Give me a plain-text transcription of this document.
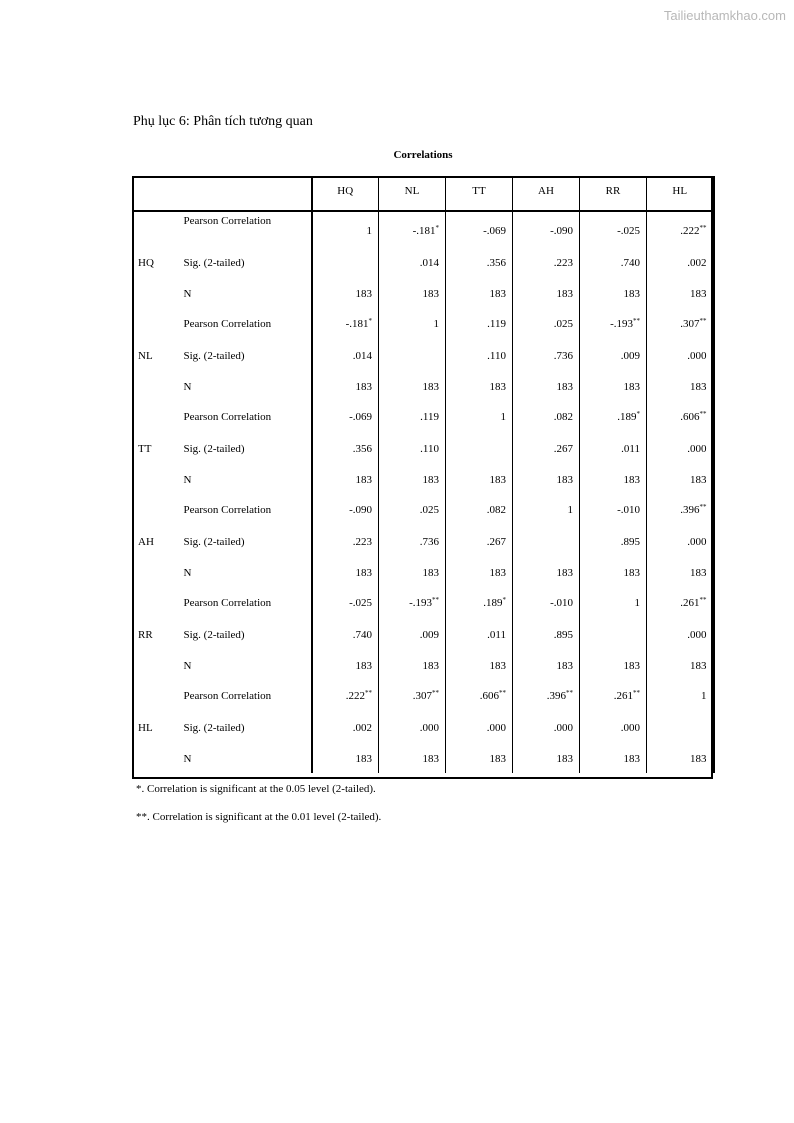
Tailieuthamkhao.com
Phụ lục 6: Phân tích tương quan
Correlations
		HQ	NL	TT	AH	RR	HL
	Pearson Correlation	1	-.181*	-.069	-.090	-.025	.222**
HQ	Sig. (2-tailed)		.014	.356	.223	.740	.002
	N	183	183	183	183	183	183
	Pearson Correlation	-.181*	1	.119	.025	-.193**	.307**
NL	Sig. (2-tailed)	.014		.110	.736	.009	.000
	N	183	183	183	183	183	183
	Pearson Correlation	-.069	.119	1	.082	.189*	.606**
TT	Sig. (2-tailed)	.356	.110		.267	.011	.000
	N	183	183	183	183	183	183
	Pearson Correlation	-.090	.025	.082	1	-.010	.396**
AH	Sig. (2-tailed)	.223	.736	.267		.895	.000
	N	183	183	183	183	183	183
	Pearson Correlation	-.025	-.193**	.189*	-.010	1	.261**
RR	Sig. (2-tailed)	.740	.009	.011	.895		.000
	N	183	183	183	183	183	183
	Pearson Correlation	.222**	.307**	.606**	.396**	.261**	1
HL	Sig. (2-tailed)	.002	.000	.000	.000	.000	
	N	183	183	183	183	183	183
*. Correlation is significant at the 0.05 level (2-tailed).
**. Correlation is significant at the 0.01 level (2-tailed).
